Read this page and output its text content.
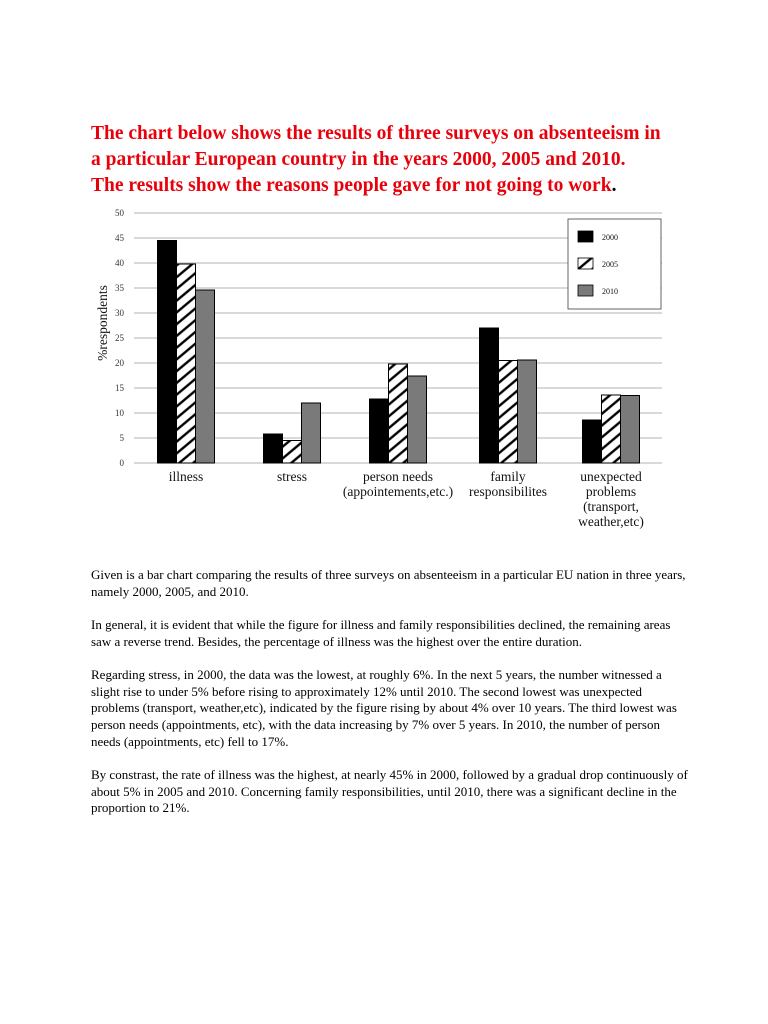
The chart below shows the results of three surveys on absenteeism in
a particular European country in the years 2000, 2005 and 2010.
The results show the reasons people gave for not going to work.
0
5
10
15
20
25
30
35
40
45
50
%respondents
illness	stress	person needs
(appointements,etc.)
family
responsibilites
unexpected
problems
(transport,
weather,etc)
2000
2005
2010

Given is a bar chart comparing the results of three surveys on absenteeism in a particular EU nation in three years, namely 2000, 2005, and 2010.

In general, it is evident that while the figure for illness and family responsibilities declined, the remaining areas saw a reverse trend. Besides, the percentage of illness was the highest over the entire duration.

Regarding stress, in 2000, the data was the lowest, at roughly 6%. In the next 5 years, the number witnessed a slight rise to under 5% before rising to approximately 12% until 2010. The second lowest was unexpected problems (transport, weather,etc), indicated by the figure rising by about 4% over 10 years. The third lowest was person needs (appointments, etc), with the data increasing by 7% over 5 years. In 2010, the number of person needs (appointments, etc) fell to 17%.

By constrast, the rate of illness was the highest, at nearly 45% in 2000, followed by a gradual drop continuously of about 5% in 2005 and 2010. Concerning family responsibilities, until 2010, there was a significant decline in the proportion to 21%.
